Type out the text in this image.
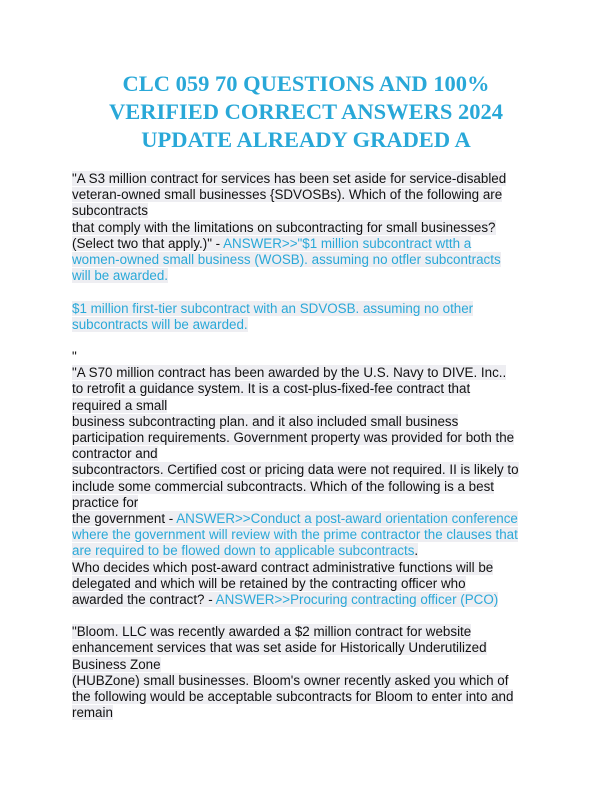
CLC 059 70 QUESTIONS AND 100%
VERIFIED CORRECT ANSWERS 2024
UPDATE ALREADY GRADED A
"A S3 million contract for services has been set aside for service-disabled
veteran-owned small businesses {SDVOSBs). Which of the following are
subcontracts
that comply with the limitations on subcontracting for small businesses?
(Select two that apply.)" - ANSWER>>"$1 million subcontract wtth a
women-owned small business (WOSB). assuming no otfler subcontracts
will be awarded.
$1 million first-tier subcontract with an SDVOSB. assuming no other
subcontracts will be awarded.
"
"A S70 million contract has been awarded by the U.S. Navy to DIVE. Inc..
to retrofit a guidance system. It is a cost-plus-fixed-fee contract that
required a small
business subcontracting plan. and it also included small business
participation requirements. Government property was provided for both the
contractor and
subcontractors. Certified cost or pricing data were not required. II is likely to
include some commercial subcontracts. Which of the following is a best
practice for
the government - ANSWER>>Conduct a post-award orientation conference
where the government will review with the prime contractor the clauses that
are required to be flowed down to applicable subcontracts.
Who decides which post-award contract administrative functions will be
delegated and which will be retained by the contracting officer who
awarded the contract? - ANSWER>>Procuring contracting officer (PCO)
"Bloom. LLC was recently awarded a $2 million contract for website
enhancement services that was set aside for Historically Underutilized
Business Zone
(HUBZone) small businesses. Bloom's owner recently asked you which of
the following would be acceptable subcontracts for Bloom to enter into and
remain
